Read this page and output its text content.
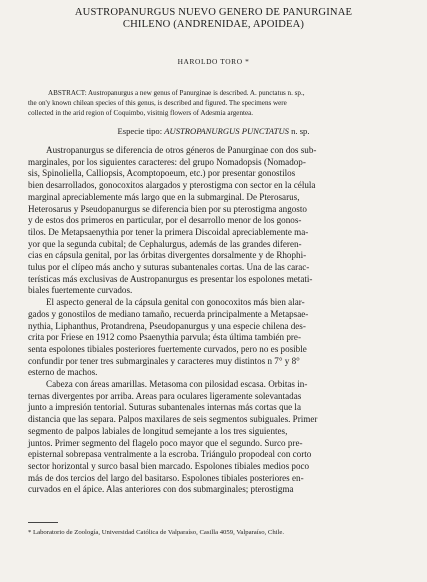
AUSTROPANURGUS NUEVO GENERO DE PANURGINAE
CHILENO (ANDRENIDAE, APOIDEA)
HAROLDO TORO *
ABSTRACT: Austropanurgus a new genus of Panurginae is described. A. punctatus n. sp.,
the on'y known chilean species of this genus, is described and figured. The specimens were
collected in the arid region of Coquimbo, visitnig flowers of Adesmia argentea.
Especie tipo: AUSTROPANURGUS PUNCTATUS n. sp.
Austropanurgus se diferencia de otros géneros de Panurginae con dos sub-
marginales, por los siguientes caracteres: del grupo Nomadopsis (Nomadop-
sis, Spinoliella, Calliopsis, Acomptopoeum, etc.) por presentar gonostilos
bien desarrollados, gonocoxitos alargados y pterostigma con sector en la célula
marginal apreciablemente más largo que en la submarginal. De Pterosarus,
Heterosarus y Pseudopanurgus se diferencia bien por su pterostigma angosto
y de estos dos primeros en particular, por el desarrollo menor de los gonos-
tilos. De Metapsaenythia por tener la primera Discoidal apreciablemente ma-
yor que la segunda cubital; de Cephalurgus, además de las grandes diferen-
cias en cápsula genital, por las órbitas divergentes dorsalmente y de Rhophi-
tulus por el clípeo más ancho y suturas subantenales cortas. Una de las carac-
terísticas más exclusivas de Austropanurgus es presentar los espolones metati-
biales fuertemente curvados.
El aspecto general de la cápsula genital con gonocoxitos más bien alar-
gados y gonostilos de mediano tamaño, recuerda principalmente a Metapsae-
nythia, Liphanthus, Protandrena, Pseudopanurgus y una especie chilena des-
crita por Friese en 1912 como Psaenythia parvula; ésta última también pre-
senta espolones tibiales posteriores fuertemente curvados, pero no es posible
confundir por tener tres submarginales y caracteres muy distintos n 7° y 8°
esterno de machos.
Cabeza con áreas amarillas. Metasoma con pilosidad escasa. Orbitas in-
ternas divergentes por arriba. Areas para oculares ligeramente solevantadas
junto a impresión tentorial. Suturas subantenales internas más cortas que la
distancia que las separa. Palpos maxilares de seis segmentos subiguales. Primer
segmento de palpos labiales de longitud semejante a los tres siguientes,
juntos. Primer segmento del flagelo poco mayor que el segundo. Surco pre-
episternal sobrepasa ventralmente a la escroba. Triángulo propodeal con corto
sector horizontal y surco basal bien marcado. Espolones tibiales medios poco
más de dos tercios del largo del basitarso. Espolones tibiales posteriores en-
curvados en el ápice. Alas anteriores con dos submarginales; pterostigma
* Laboratorio de Zoología, Universidad Católica de Valparaíso, Casilla 4059, Valparaíso, Chile.
